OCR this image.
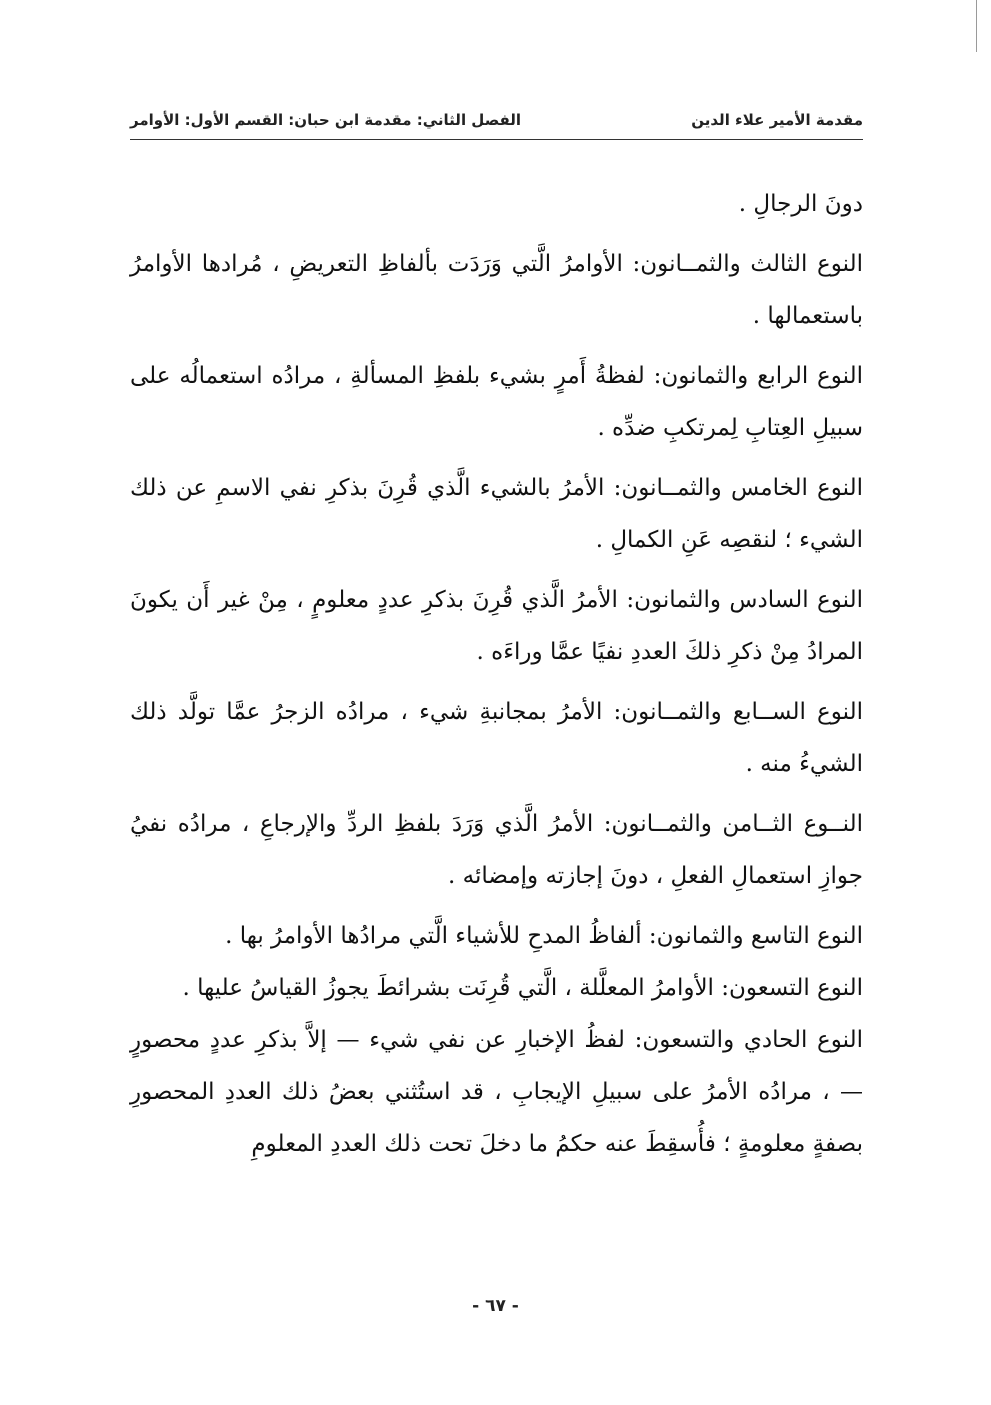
مقدمة الأمير علاء الدين
الفصل الثاني: مقدمة ابن حبان: القسم الأول: الأوامر

دونَ الرجالِ .

النوع الثالث والثمــانون: الأوامرُ الَّتي وَرَدَت بألفاظِ التعريضِ ، مُرادها الأوامرُ باستعمالها .

النوع الرابع والثمانون: لفظةُ أَمرٍ بشيء بلفظِ المسألةِ ، مرادُه استعمالُه على سبيلِ العِتابِ لِمرتكبِ ضدِّه .

النوع الخامس والثمــانون: الأمرُ بالشيء الَّذي قُرِنَ بذكرِ نفي الاسمِ عن ذلك الشيء ؛ لنقصِه عَنِ الكمالِ .

النوع السادس والثمانون: الأمرُ الَّذي قُرِنَ بذكرِ عددٍ معلومٍ ، مِنْ غير أَن يكونَ المرادُ مِنْ ذكرِ ذلكَ العددِ نفيًا عمَّا وراءَه .

النوع الســابع والثمــانون: الأمرُ بمجانبةِ شيء ، مرادُه الزجرُ عمَّا تولَّد ذلك الشيءُ منه .

النــوع الثــامن والثمــانون: الأمرُ الَّذي وَرَدَ بلفظِ الردِّ والإرجاعِ ، مرادُه نفيُ جوازِ استعمالِ الفعلِ ، دونَ إجازته وإمضائه .

النوع التاسع والثمانون: ألفاظُ المدحِ للأشياء الَّتي مرادُها الأوامرُ بها .

النوع التسعون: الأوامرُ المعلَّلة ، الَّتي قُرِنَت بشرائطَ يجوزُ القياسُ عليها .

النوع الحادي والتسعون: لفظُ الإخبارِ عن نفي شيء — إلاَّ بذكرِ عددٍ محصورٍ — ، مرادُه الأمرُ على سبيلِ الإيجابِ ، قد استُثني بعضُ ذلك العددِ المحصورِ بصفةٍ معلومةٍ ؛ فأُسقِطَ عنه حكمُ ما دخلَ تحت ذلك العددِ المعلومِ

- ٦٧ -
